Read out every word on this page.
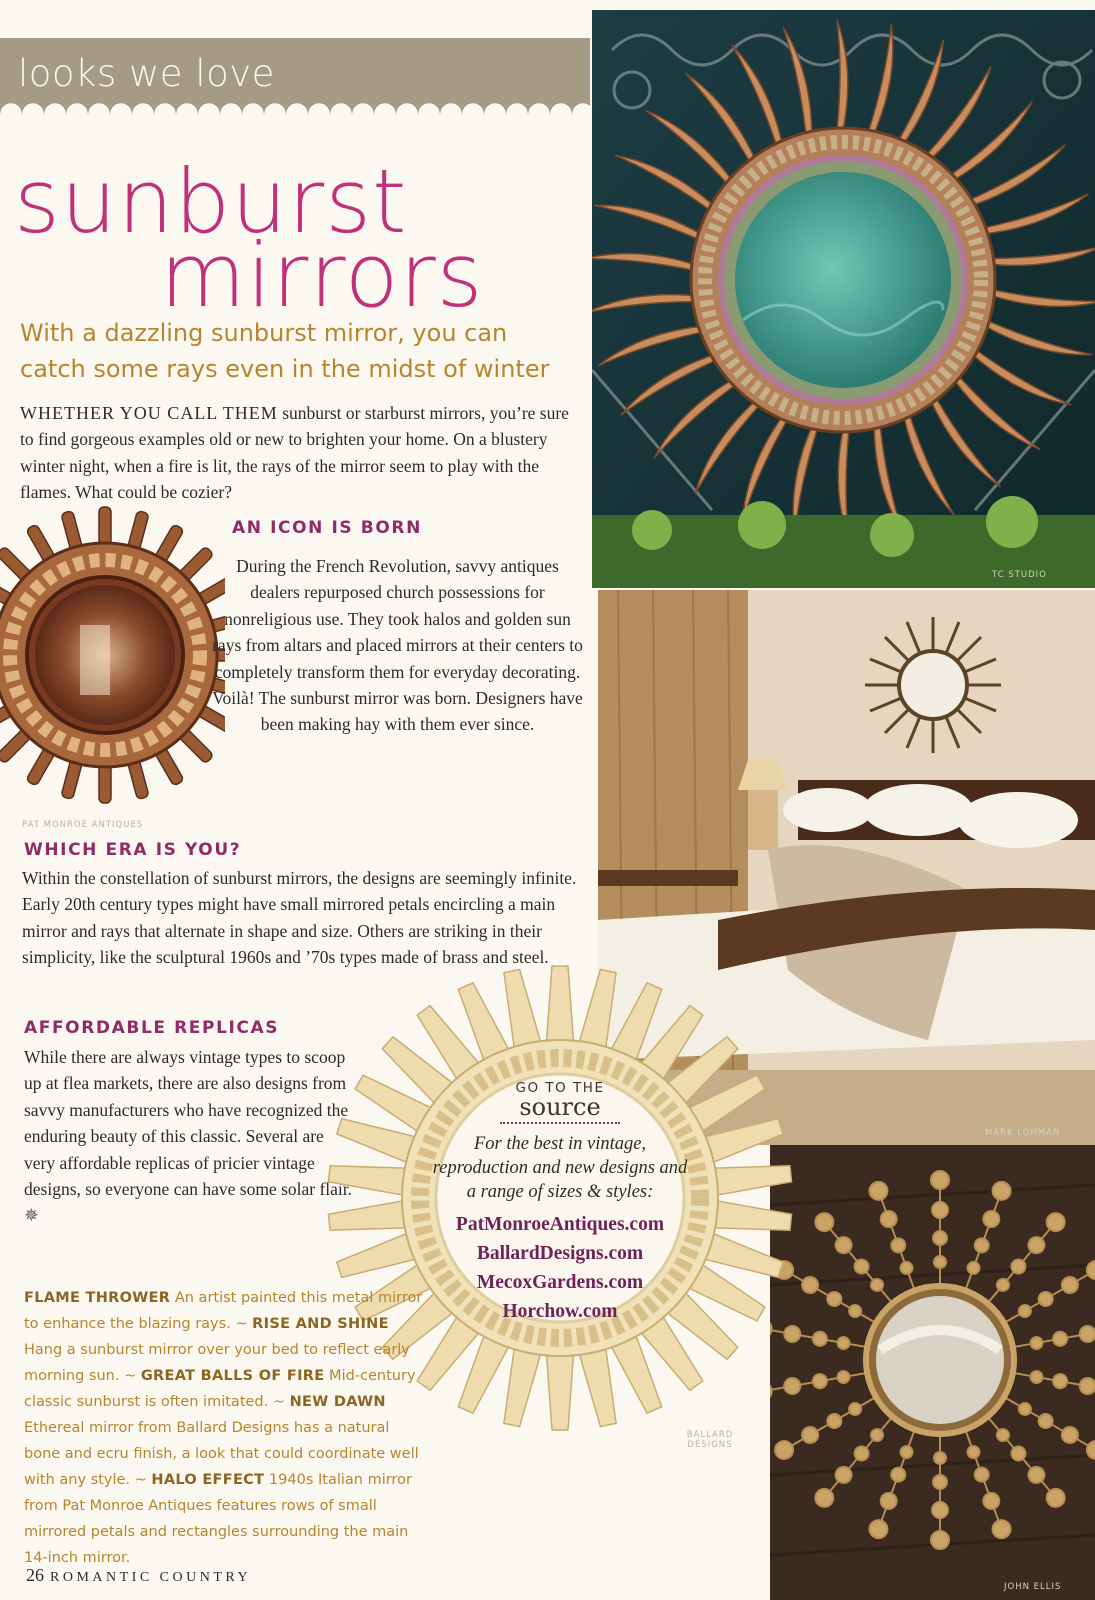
looks we love
sunburst
mirrors
With a dazzling sunburst mirror, you can catch some rays even in the midst of winter
WHETHER YOU CALL THEM sunburst or starburst mirrors, you’re sure to find gorgeous examples old or new to brighten your home. On a blustery winter night, when a fire is lit, the rays of the mirror seem to play with the flames. What could be cozier?
PAT MONROE ANTIQUES
AN ICON IS BORN
During the French Revolution, savvy antiques dealers repurposed church possessions for nonreligious use. They took halos and golden sun rays from altars and placed mirrors at their centers to completely transform them for everyday decorating. Voilà! The sunburst mirror was born. Designers have been making hay with them ever since.
WHICH ERA IS YOU?
Within the constellation of sunburst mirrors, the designs are seemingly infinite. Early 20th century types might have small mirrored petals encircling a main mirror and rays that alternate in shape and size. Others are striking in their simplicity, like the sculptural 1960s and ’70s types made of brass and steel.
AFFORDABLE REPLICAS
While there are always vintage types to scoop up at flea markets, there are also designs from savvy manufacturers who have recognized the enduring beauty of this classic. Several are very affordable replicas of pricier vintage designs, so everyone can have some solar flair. ✵
TC STUDIO
MARK LOHMAN
JOHN ELLIS
GO TO THE
source
For the best in vintage, reproduction and new designs and a range of sizes & styles:
PatMonroeAntiques.com
BallardDesigns.com
MecoxGardens.com
Horchow.com
BALLARD DESIGNS
FLAME THROWER An artist painted this metal mirror to enhance the blazing rays. ~ RISE AND SHINE Hang a sunburst mirror over your bed to reflect early morning sun. ~ GREAT BALLS OF FIRE Mid-century classic sunburst is often imitated. ~ NEW DAWN Ethereal mirror from Ballard Designs has a natural bone and ecru finish, a look that could coordinate well with any style. ~ HALO EFFECT 1940s Italian mirror from Pat Monroe Antiques features rows of small mirrored petals and rectangles surrounding the main 14-inch mirror.
26 ROMANTIC COUNTRY
